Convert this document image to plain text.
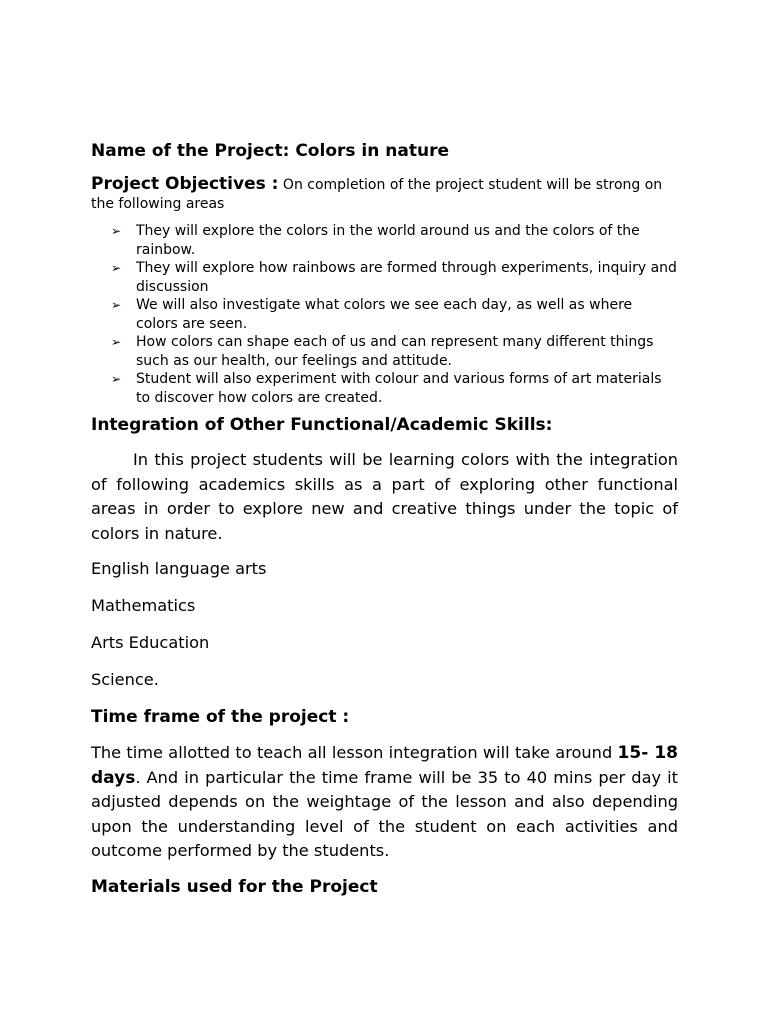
Name of the Project: Colors in nature

Project Objectives : On completion of the project student will be strong on the following areas

➢ They will explore the colors in the world around us and the colors of the rainbow.
➢ They will explore how rainbows are formed through experiments, inquiry and discussion
➢ We will also investigate what colors we see each day, as well as where colors are seen.
➢ How colors can shape each of us and can represent many different things such as our health, our feelings and attitude.
➢ Student will also experiment with colour and various forms of art materials to discover how colors are created.
Integration of Other Functional/Academic Skills:

In this project students will be learning colors with the integration of following academics skills as a part of exploring other functional areas in order to explore new and creative things under the topic of colors in nature.

English language arts

Mathematics

Arts Education

Science.

Time frame of the project :

The time allotted to teach all lesson integration will take around 15- 18 days. And in particular the time frame will be 35 to 40 mins per day it adjusted depends on the weightage of the lesson and also depending upon the understanding level of the student on each activities and outcome performed by the students.

Materials used for the Project
